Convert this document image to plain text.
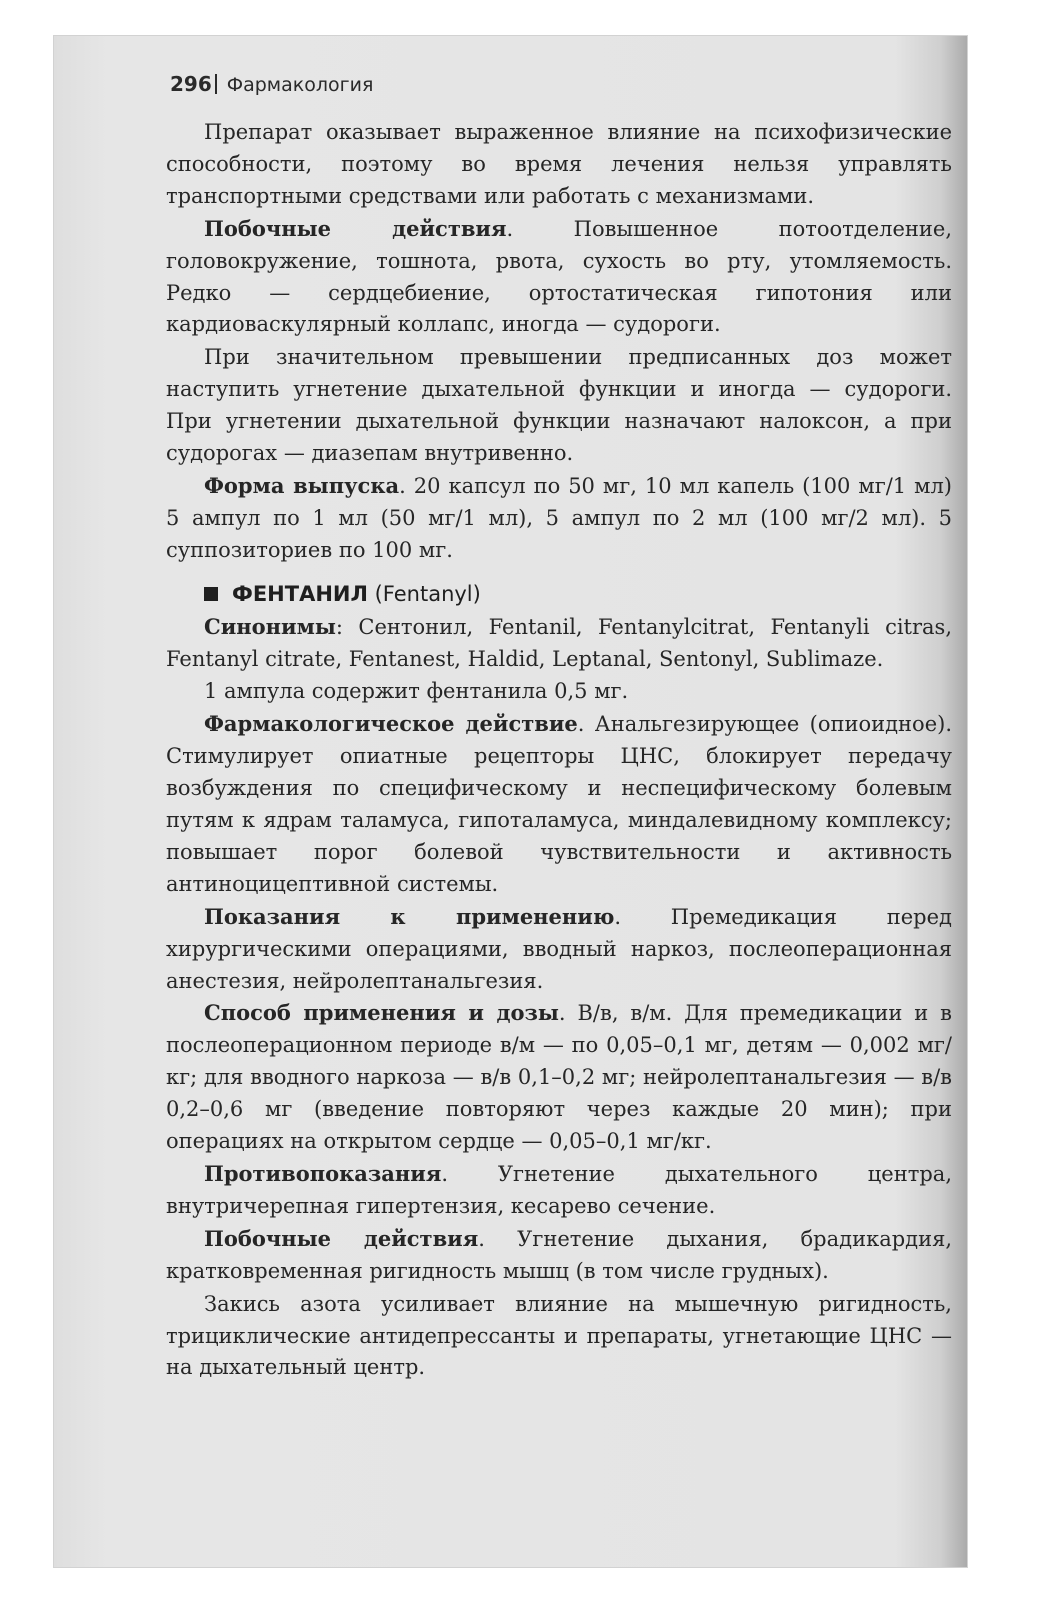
296 Фармакология

Препарат оказывает выраженное влияние на психофизические способности, поэтому во время лечения нельзя управлять транспортными средствами или работать с механизмами.

Побочные действия. Повышенное потоотделение, головокружение, тошнота, рвота, сухость во рту, утомляемость. Редко — сердцебиение, ортостатическая гипотония или кардиоваскулярный коллапс, иногда — судороги.

При значительном превышении предписанных доз может наступить угнетение дыхательной функции и иногда — судороги. При угнетении дыхательной функции назначают налоксон, а при судорогах — диазепам внутривенно.

Форма выпуска. 20 капсул по 50 мг, 10 мл капель (100 мг/1 мл) 5 ампул по 1 мл (50 мг/1 мл), 5 ампул по 2 мл (100 мг/2 мл). 5 суппозиториев по 100 мг.

ФЕНТАНИЛ (Fentanyl)

Синонимы: Сентонил, Fentanil, Fentanylcitrat, Fentanyli citras, Fentanyl citrate, Fentanest, Haldid, Leptanal, Sentonyl, Sublimaze.

1 ампула содержит фентанила 0,5 мг.

Фармакологическое действие. Анальгезирующее (опиоидное). Стимулирует опиатные рецепторы ЦНС, блокирует передачу возбуждения по специфическому и неспецифическому болевым путям к ядрам таламуса, гипоталамуса, миндалевидному комплексу; повышает порог болевой чувствительности и активность антиноцицептивной системы.

Показания к применению. Премедикация перед хирургическими операциями, вводный наркоз, послеоперационная анестезия, нейролептанальгезия.

Способ применения и дозы. В/в, в/м. Для премедикации и в послеоперационном периоде в/м — по 0,05–0,1 мг, детям — 0,002 мг/кг; для вводного наркоза — в/в 0,1–0,2 мг; нейролептанальгезия — в/в 0,2–0,6 мг (введение повторяют через каждые 20 мин); при операциях на открытом сердце — 0,05–0,1 мг/кг.

Противопоказания. Угнетение дыхательного центра, внутричерепная гипертензия, кесарево сечение.

Побочные действия. Угнетение дыхания, брадикардия, кратковременная ригидность мышц (в том числе грудных).

Закись азота усиливает влияние на мышечную ригидность, трициклические антидепрессанты и препараты, угнетающие ЦНС — на дыхательный центр.
